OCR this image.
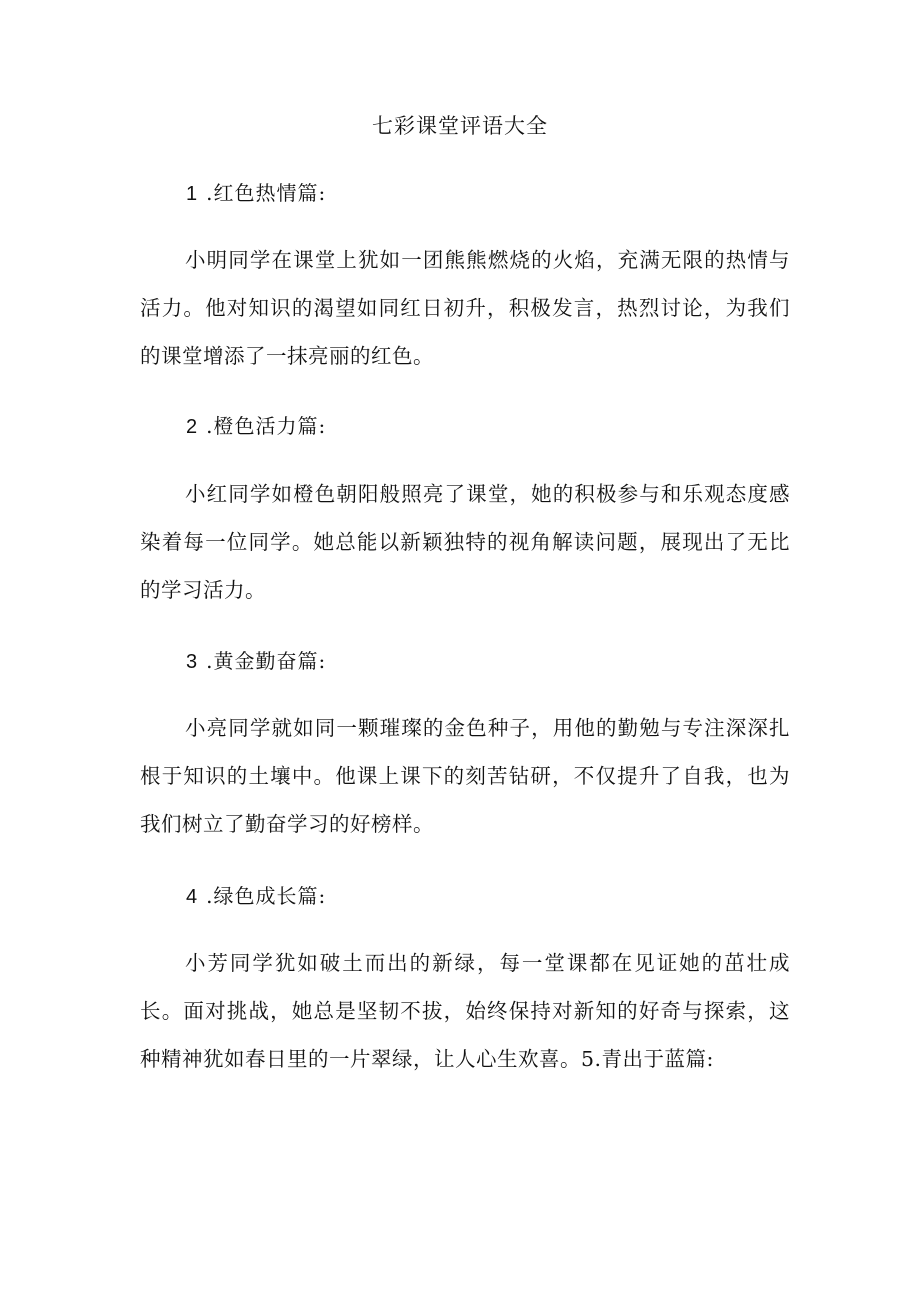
七彩课堂评语大全
1 .红色热情篇:
小明同学在课堂上犹如一团熊熊燃烧的火焰，充满无限的热情与活力。他对知识的渴望如同红日初升，积极发言，热烈讨论，为我们的课堂增添了一抹亮丽的红色。
2 .橙色活力篇:
小红同学如橙色朝阳般照亮了课堂，她的积极参与和乐观态度感染着每一位同学。她总能以新颖独特的视角解读问题，展现出了无比的学习活力。
3 .黄金勤奋篇:
小亮同学就如同一颗璀璨的金色种子，用他的勤勉与专注深深扎根于知识的土壤中。他课上课下的刻苦钻研，不仅提升了自我，也为我们树立了勤奋学习的好榜样。
4 .绿色成长篇:
小芳同学犹如破土而出的新绿，每一堂课都在见证她的茁壮成长。面对挑战，她总是坚韧不拔，始终保持对新知的好奇与探索，这种精神犹如春日里的一片翠绿，让人心生欢喜。5.青出于蓝篇:
